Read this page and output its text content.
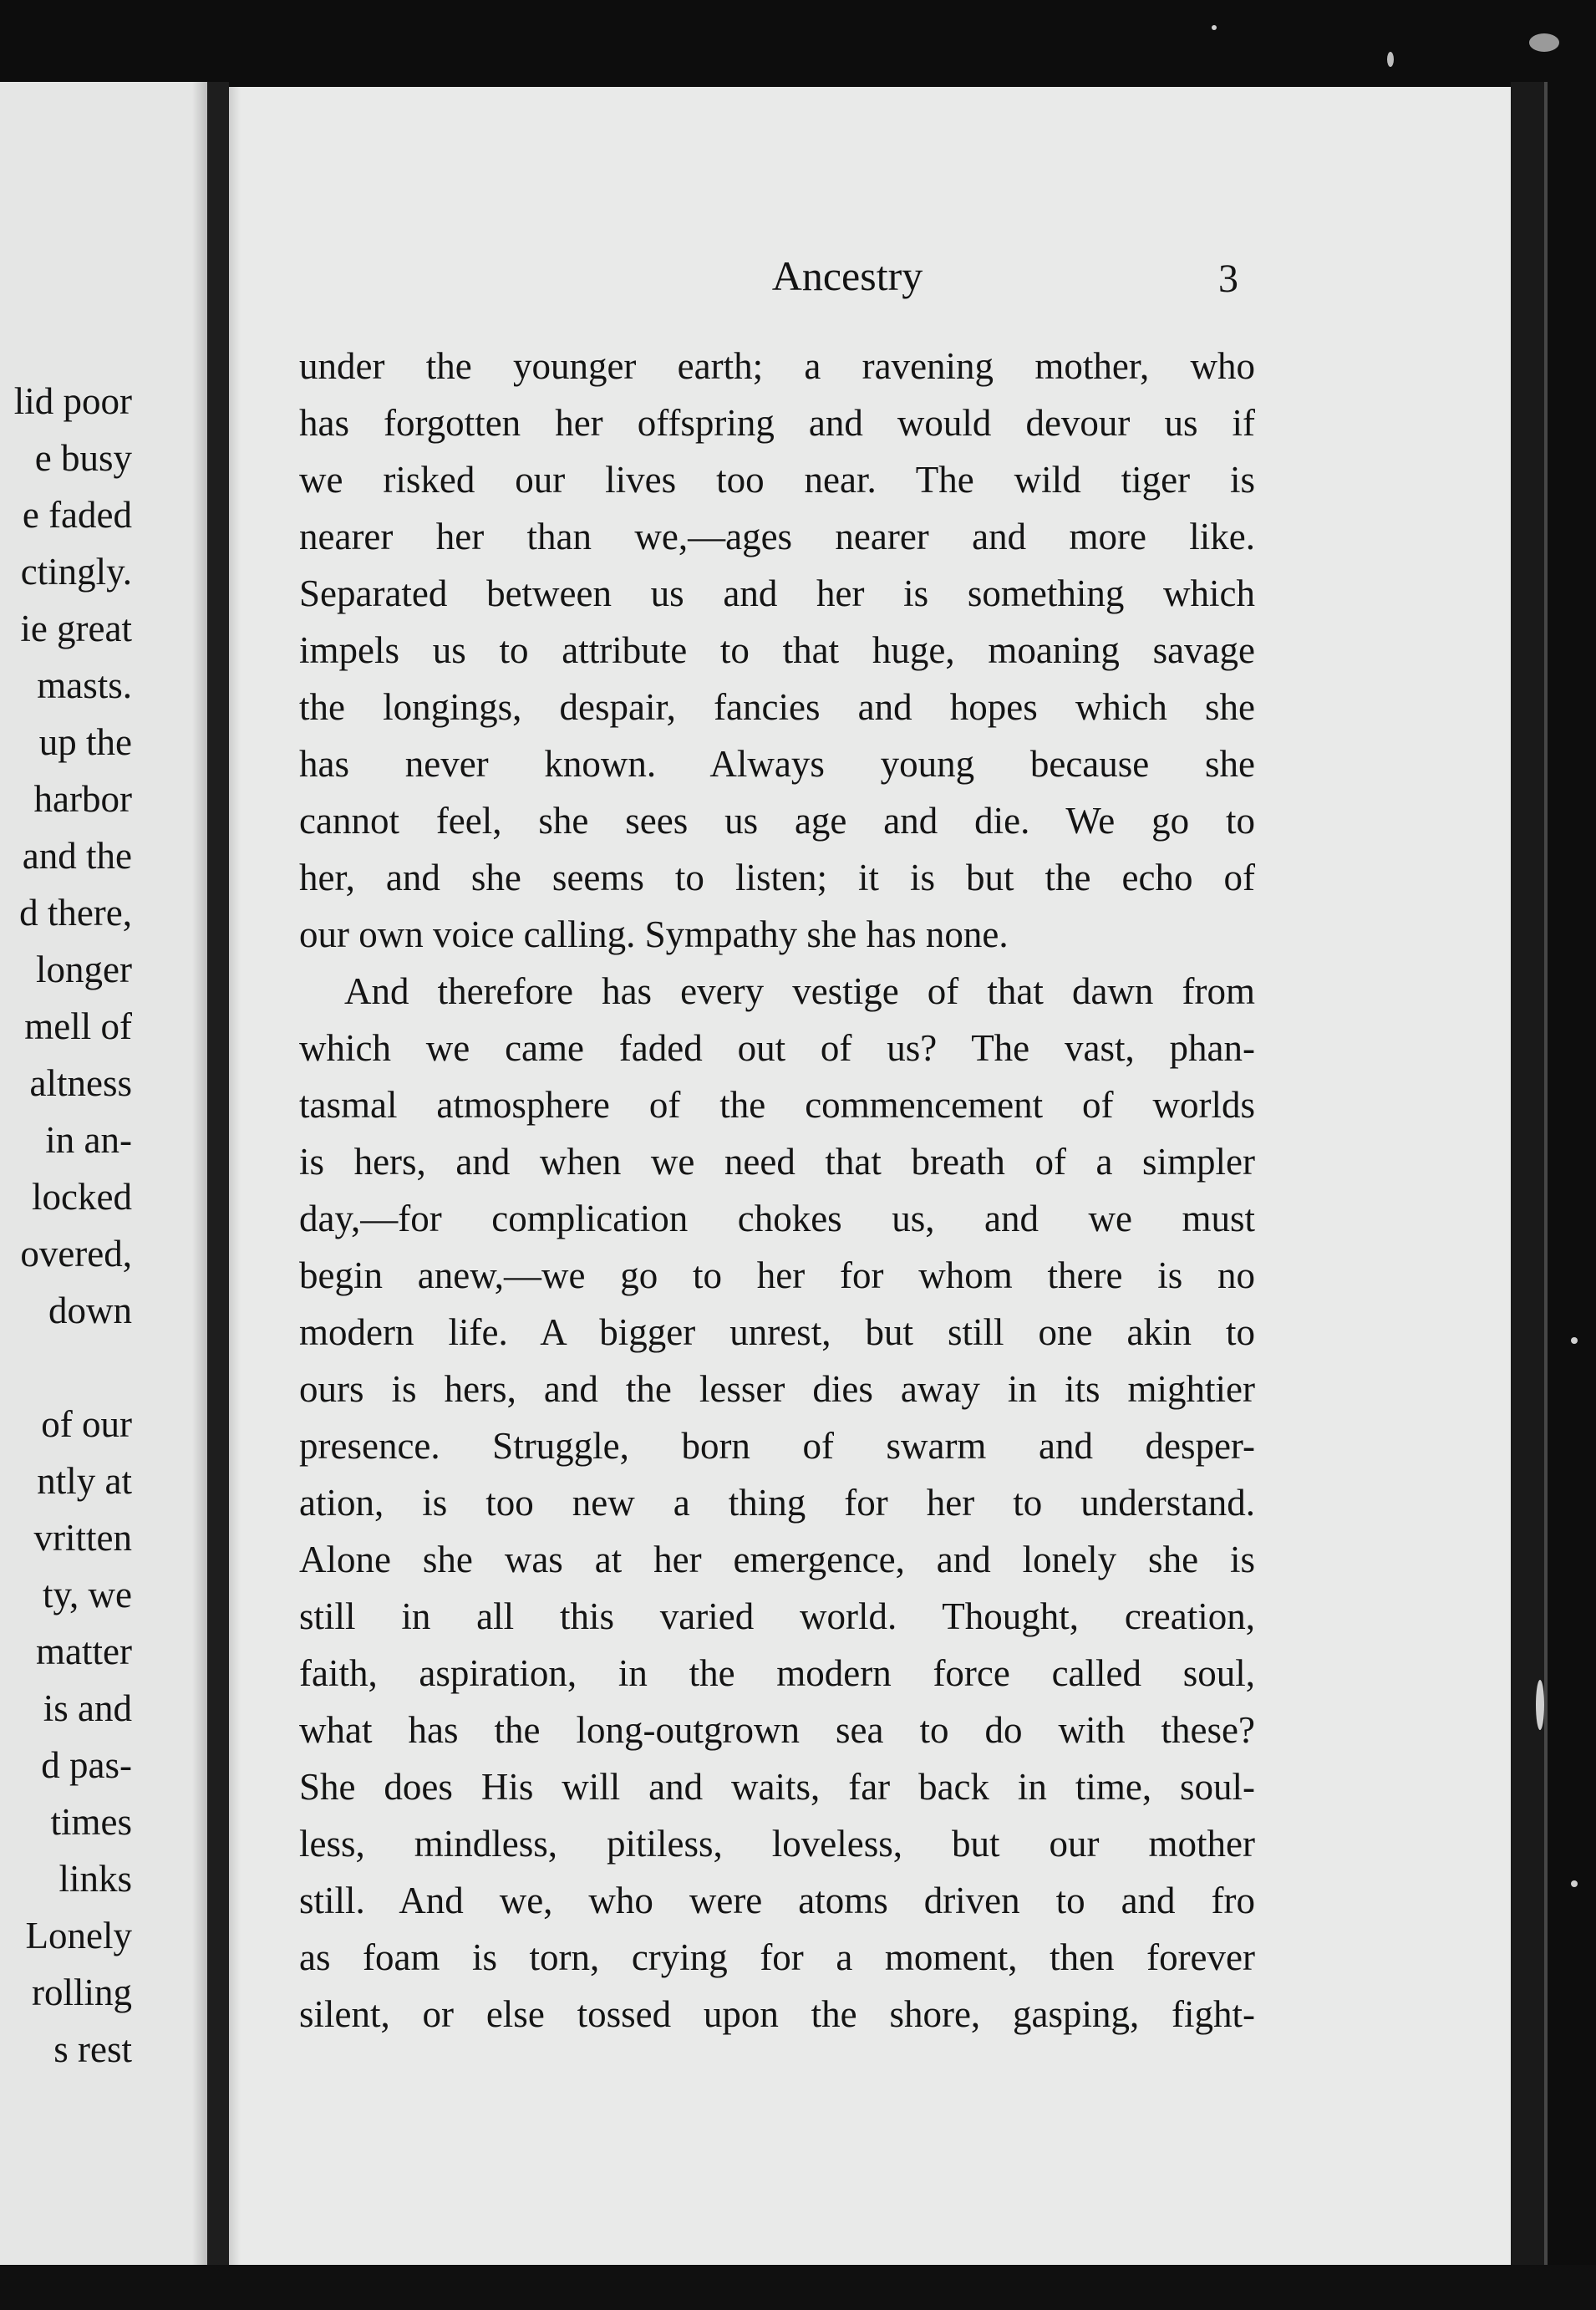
lid poor
e busy
e faded
ctingly.
ie great
masts.
up the
harbor
and the
d there,
longer
mell of
altness
in an-
locked
overed,
down
of our
ntly at
vritten
ty, we
matter
is and
d pas-
times
links
Lonely
rolling
s rest
Ancestry	3
under the younger earth; a ravening mother, who
has forgotten her offspring and would devour us if
we risked our lives too near. The wild tiger is
nearer her than we,—ages nearer and more like.
Separated between us and her is something which
impels us to attribute to that huge, moaning savage
the longings, despair, fancies and hopes which she
has never known. Always young because she
cannot feel, she sees us age and die. We go to
her, and she seems to listen; it is but the echo of
our own voice calling. Sympathy she has none.
And therefore has every vestige of that dawn from
which we came faded out of us? The vast, phan-
tasmal atmosphere of the commencement of worlds
is hers, and when we need that breath of a simpler
day,—for complication chokes us, and we must
begin anew,—we go to her for whom there is no
modern life. A bigger unrest, but still one akin to
ours is hers, and the lesser dies away in its mightier
presence. Struggle, born of swarm and desper-
ation, is too new a thing for her to understand.
Alone she was at her emergence, and lonely she is
still in all this varied world. Thought, creation,
faith, aspiration, in the modern force called soul,
what has the long-outgrown sea to do with these?
She does His will and waits, far back in time, soul-
less, mindless, pitiless, loveless, but our mother
still. And we, who were atoms driven to and fro
as foam is torn, crying for a moment, then forever
silent, or else tossed upon the shore, gasping, fight-
